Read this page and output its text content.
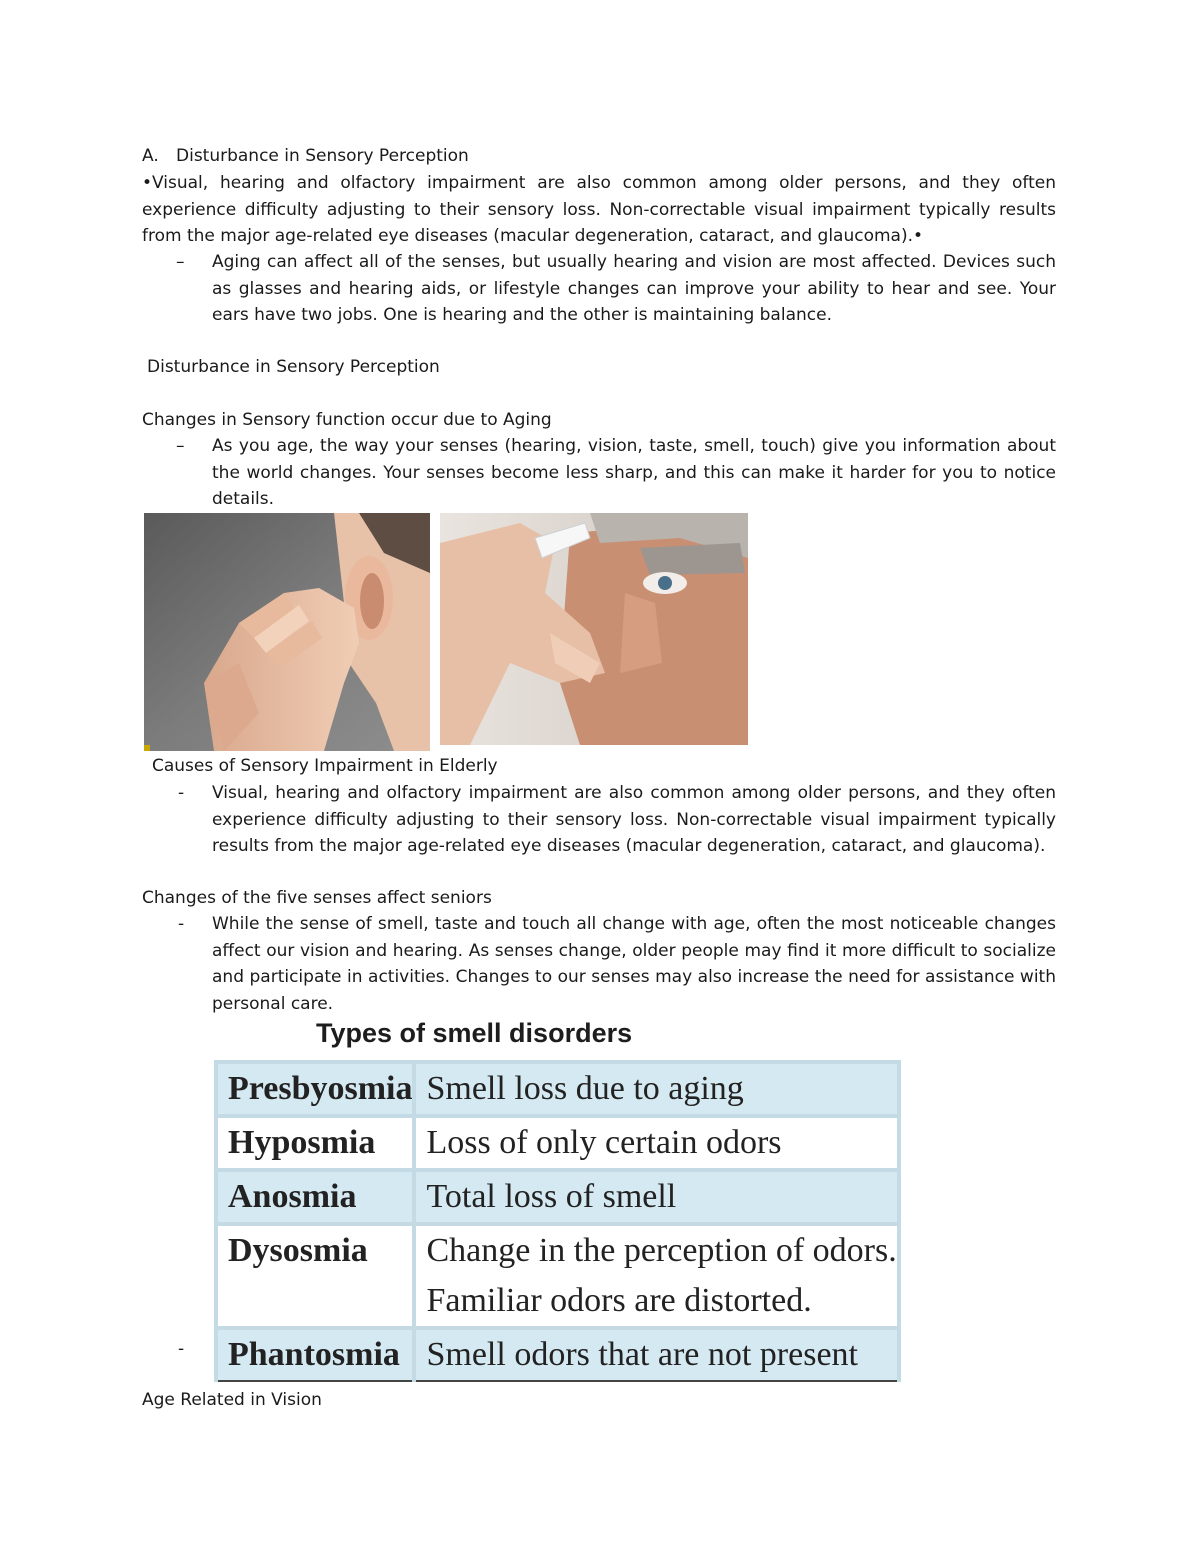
A. Disturbance in Sensory Perception

•Visual, hearing and olfactory impairment are also common among older persons, and they often experience difficulty adjusting to their sensory loss. Non-correctable visual impairment typically results from the major age-related eye diseases (macular degeneration, cataract, and glaucoma).•

– Aging can affect all of the senses, but usually hearing and vision are most affected. Devices such as glasses and hearing aids, or lifestyle changes can improve your ability to hear and see. Your ears have two jobs. One is hearing and the other is maintaining balance.

Disturbance in Sensory Perception
Changes in Sensory function occur due to Aging
– As you age, the way your senses (hearing, vision, taste, smell, touch) give you information about the world changes. Your senses become less sharp, and this can make it harder for you to notice details.

Causes of Sensory Impairment in Elderly
- Visual, hearing and olfactory impairment are also common among older persons, and they often experience difficulty adjusting to their sensory loss. Non-correctable visual impairment typically results from the major age-related eye diseases (macular degeneration, cataract, and glaucoma).

Changes of the five senses affect seniors
- While the sense of smell, taste and touch all change with age, often the most noticeable changes affect our vision and hearing. As senses change, older people may find it more difficult to socialize and participate in activities. Changes to our senses may also increase the need for assistance with personal care.

Types of smell disorders

Presbyosmia	Smell loss due to aging
Hyposmia	Loss of only certain odors
Anosmia	Total loss of smell
Dysosmia	Change in the perception of odors.
Familiar odors are distorted.

Phantosmia	Smell odors that are not present
-
Age Related in Vision
